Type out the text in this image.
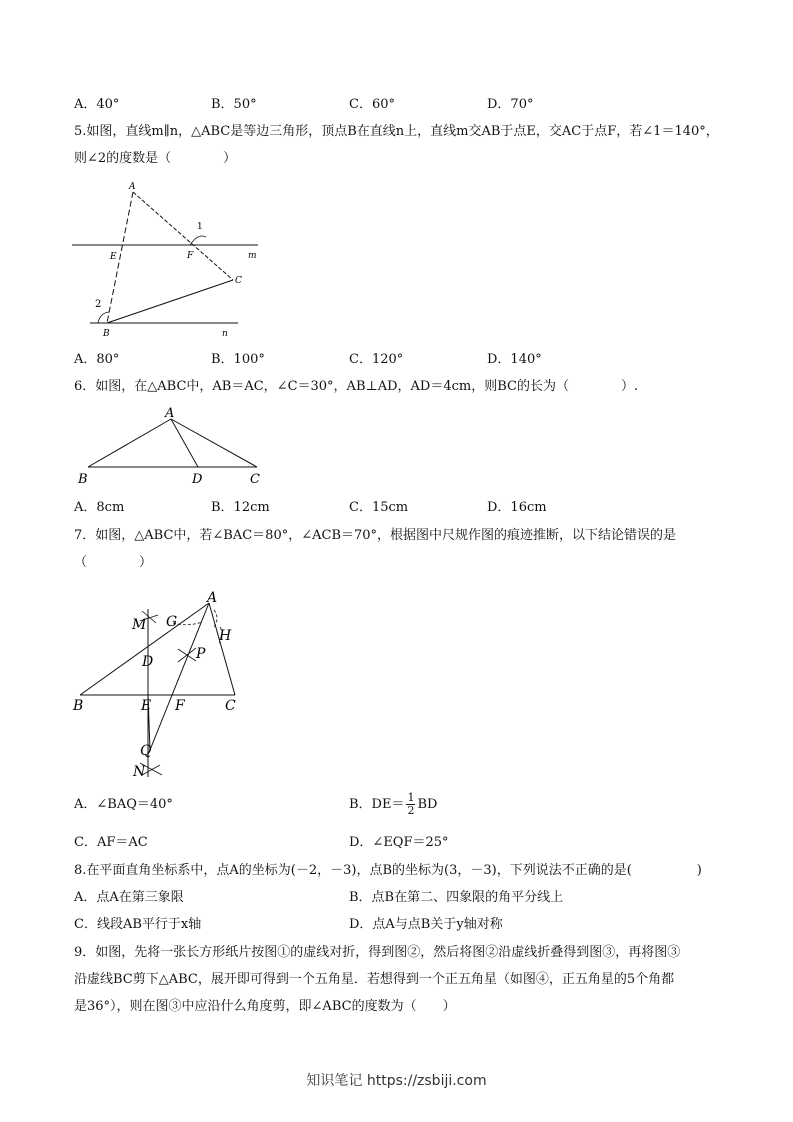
A．40°	B．50°	C．60°	D．70°
5.如图，直线m∥n，△ABC是等边三角形，顶点B在直线n上，直线m交AB于点E，交AC于点F，若∠1＝140°，
则∠2的度数是（　　　　）
A
E	F
1
C
m
2
B	n
A．80°	B．100°	C．120°	D．140°
6．如图，在△ABC中，AB＝AC，∠C＝30°，AB⊥AD，AD＝4cm，则BC的长为（　　　　）.
A
B	D	C
A．8cm	B．12cm	C．15cm	D．16cm
7．如图，△ABC中，若∠BAC＝80°，∠ACB＝70°，根据图中尺规作图的痕迹推断，以下结论错误的是
（　　　　）
A
M G
H
D	P
B	E F	C
Q
N
A．∠BAQ＝40°	B．$DE= \frac{1}{2}$ BD
C．AF＝AC	D．∠EQF＝25°
8.在平面直角坐标系中，点A的坐标为(－2，－3)，点B的坐标为(3，－3)，下列说法不正确的是(　　　　　)
A．点A在第三象限	B．点B在第二、四象限的角平分线上
C．线段AB平行于x轴	D．点A与点B关于y轴对称
9．如图，先将一张长方形纸片按图①的虚线对折，得到图②，然后将图②沿虚线折叠得到图③，再将图③
沿虚线BC剪下△ABC，展开即可得到一个五角星．若想得到一个正五角星（如图④，正五角星的5个角都
是36°），则在图③中应沿什么角度剪，即∠ABC的度数为（　　）
知识笔记 https://zsbiji.com
